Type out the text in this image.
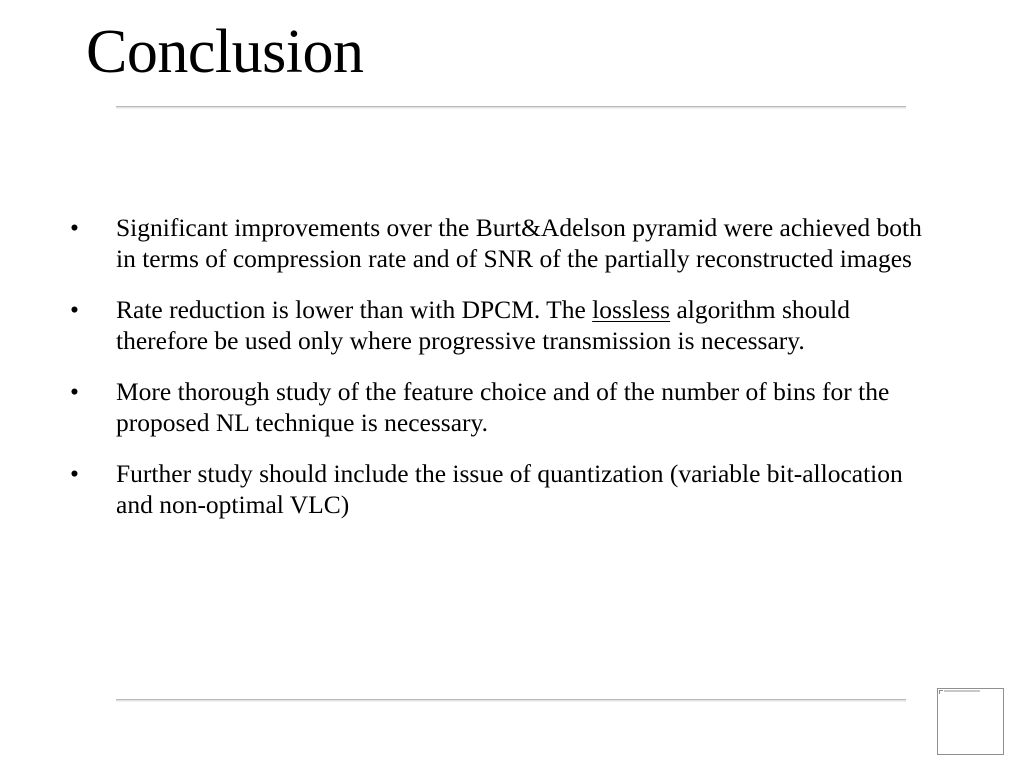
Conclusion
• Significant improvements over the Burt&Adelson pyramid were achieved both in terms of compression rate and of SNR of the partially reconstructed images
• Rate reduction is lower than with DPCM. The lossless algorithm should therefore be used only where progressive transmission is necessary.
• More thorough study of the feature choice and of the number of bins for the proposed NL technique is necessary.
• Further study should include the issue of quantization (variable bit-allocation and non-optimal VLC)
